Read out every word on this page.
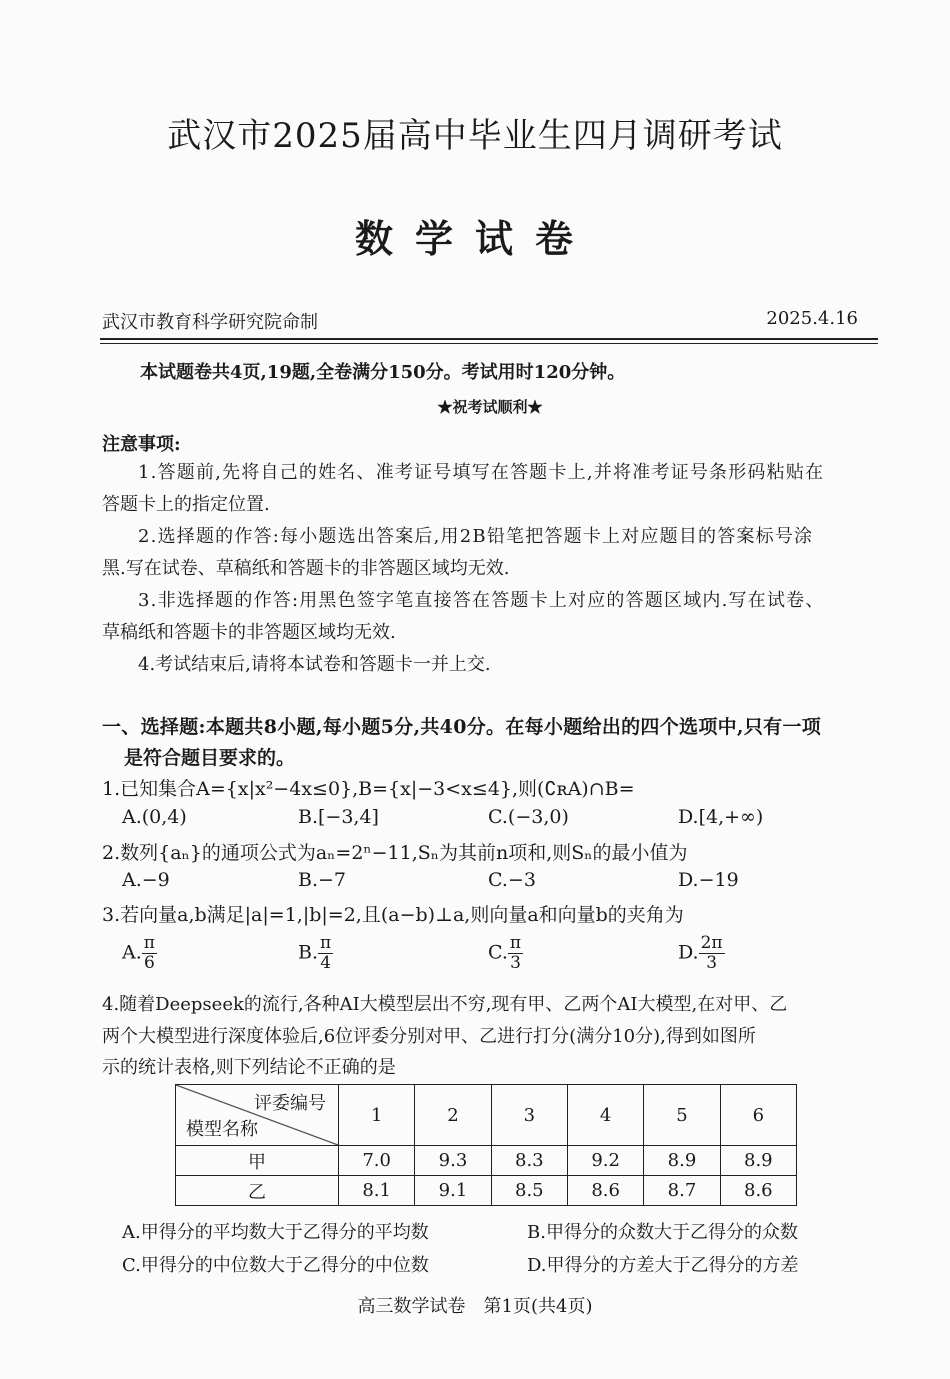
武汉市2025届高中毕业生四月调研考试
数学试卷
武汉市教育科学研究院命制	2025.4.16
本试题卷共4页,19题,全卷满分150分。考试用时120分钟。
★祝考试顺利★
注意事项:
1.答题前,先将自己的姓名、准考证号填写在答题卡上,并将准考证号条形码粘贴在
答题卡上的指定位置.
2.选择题的作答:每小题选出答案后,用2B铅笔把答题卡上对应题目的答案标号涂
黑.写在试卷、草稿纸和答题卡的非答题区域均无效.
3.非选择题的作答:用黑色签字笔直接答在答题卡上对应的答题区域内.写在试卷、
草稿纸和答题卡的非答题区域均无效.
4.考试结束后,请将本试卷和答题卡一并上交.
一、选择题:本题共8小题,每小题5分,共40分。在每小题给出的四个选项中,只有一项
是符合题目要求的。
1.已知集合A={x|x²−4x≤0},B={x|−3<x≤4},则(∁ʀA)∩B=
A.(0,4)	B.[−3,4]	C.(−3,0)	D.[4,+∞)
2.数列{aₙ}的通项公式为aₙ=2ⁿ−11,Sₙ为其前n项和,则Sₙ的最小值为
A.−9	B.−7	C.−3	D.−19
3.若向量a,b满足|a|=1,|b|=2,且(a−b)⊥a,则向量a和向量b的夹角为
A. $\frac{\pi}{6}$	B. $\frac{\pi}{4}$	C. $\frac{\pi}{3}$	D. $\frac{2\pi}{3}$
4.随着Deepseek的流行,各种AI大模型层出不穷,现有甲、乙两个AI大模型,在对甲、乙
两个大模型进行深度体验后,6位评委分别对甲、乙进行打分(满分10分),得到如图所
示的统计表格,则下列结论不正确的是
评委编号
模型名称	1	2	3	4	5	6
甲	7.0	9.3	8.3	9.2	8.9	8.9
乙	8.1	9.1	8.5	8.6	8.7	8.6
A.甲得分的平均数大于乙得分的平均数	B.甲得分的众数大于乙得分的众数
C.甲得分的中位数大于乙得分的中位数	D.甲得分的方差大于乙得分的方差
高三数学试卷　第1页(共4页)
